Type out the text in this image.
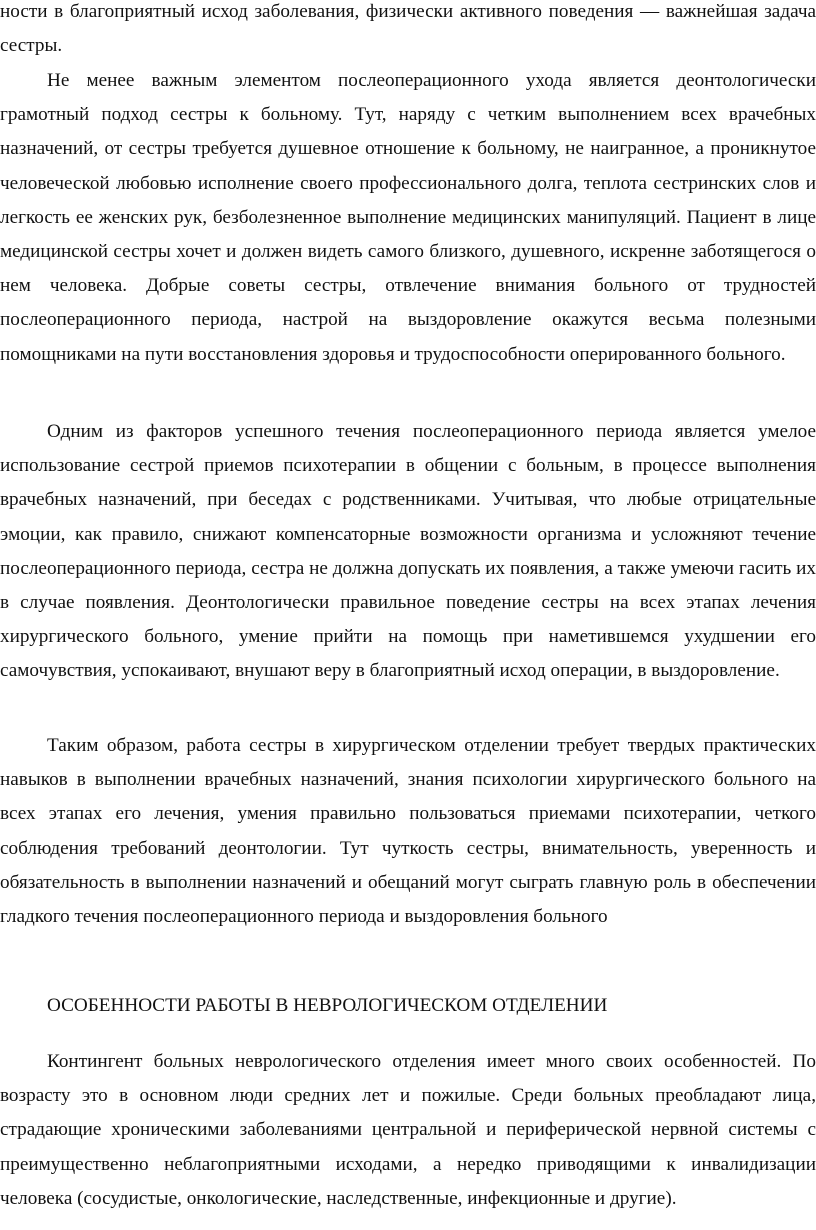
ности в благоприятный исход заболевания, физически активного поведения — важнейшая задача сестры.

Не менее важным элементом послеоперационного ухода является деонтологически грамотный подход сестры к больному. Тут, наряду с четким выполнением всех врачебных назначений, от сестры требуется душевное отношение к больному, не наигранное, а проникнутое человеческой любовью исполнение своего профессионального долга, теплота сестринских слов и легкость ее женских рук, безболезненное выполнение медицинских манипуляций. Пациент в лице медицинской сестры хочет и должен видеть самого близкого, душевного, искренне заботящегося о нем человека. Добрые советы сестры, отвлечение внимания больного от трудностей послеоперационного периода, настрой на выздоровление окажутся весьма полезными помощниками на пути восстановления здоровья и трудоспособности оперированного больного.

Одним из факторов успешного течения послеоперационного периода является умелое использование сестрой приемов психотерапии в общении с больным, в процессе выполнения врачебных назначений, при беседах с родственниками. Учитывая, что любые отрицательные эмоции, как правило, снижают компенсаторные возможности организма и усложняют течение послеоперационного периода, сестра не должна допускать их появления, а также умеючи гасить их в случае появления. Деонтологически правильное поведение сестры на всех этапах лечения хирургического больного, умение прийти на помощь при наметившемся ухудшении его самочувствия, успокаивают, внушают веру в благоприятный исход операции, в выздоровление.

Таким образом, работа сестры в хирургическом отделении требует твердых практических навыков в выполнении врачебных назначений, знания психологии хирургического больного на всех этапах его лечения, умения правильно пользоваться приемами психотерапии, четкого соблюдения требований деонтологии. Тут чуткость сестры, внимательность, уверенность и обязательность в выполнении назначений и обещаний могут сыграть главную роль в обеспечении гладкого течения послеоперационного периода и выздоровления больного

ОСОБЕННОСТИ РАБОТЫ В НЕВРОЛОГИЧЕСКОМ ОТДЕЛЕНИИ

Контингент больных неврологического отделения имеет много своих особенностей. По возрасту это в основном люди средних лет и пожилые. Среди больных преобладают лица, страдающие хроническими заболеваниями центральной и периферической нервной системы с преимущественно неблагоприятными исходами, а нередко приводящими к инвалидизации человека (сосудистые, онкологические, наследственные, инфекционные и другие).
